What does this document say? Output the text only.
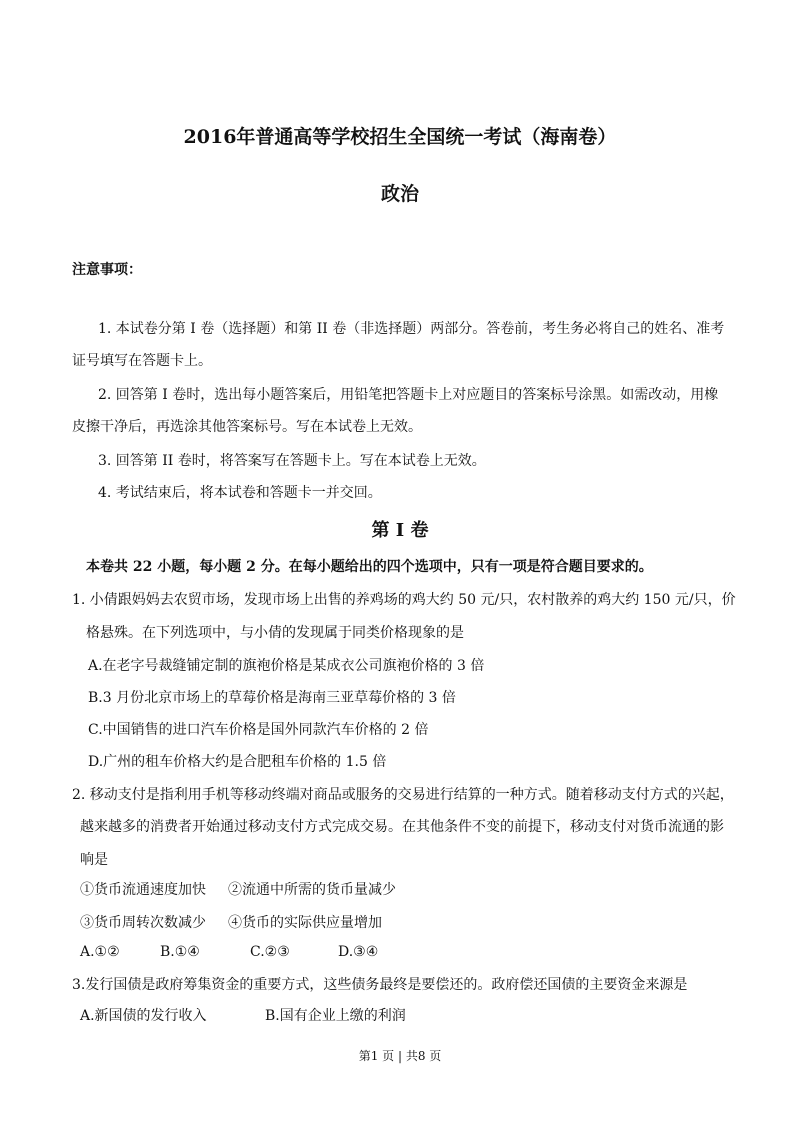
2016年普通高等学校招生全国统一考试（海南卷）
政治
注意事项：
1. 本试卷分第 I 卷（选择题）和第 II 卷（非选择题）两部分。答卷前，考生务必将自己的姓名、准考
证号填写在答题卡上。
2. 回答第 I 卷时，选出每小题答案后，用铅笔把答题卡上对应题目的答案标号涂黑。如需改动，用橡
皮擦干净后，再选涂其他答案标号。写在本试卷上无效。
3. 回答第 II 卷时，将答案写在答题卡上。写在本试卷上无效。
4. 考试结束后，将本试卷和答题卡一并交回。
第 I 卷
本卷共 22 小题，每小题 2 分。在每小题给出的四个选项中，只有一项是符合题目要求的。
1. 小倩跟妈妈去农贸市场，发现市场上出售的养鸡场的鸡大约 50 元/只，农村散养的鸡大约 150 元/只，价
格悬殊。在下列选项中，与小倩的发现属于同类价格现象的是
A.在老字号裁缝铺定制的旗袍价格是某成衣公司旗袍价格的 3 倍
B.3 月份北京市场上的草莓价格是海南三亚草莓价格的 3 倍
C.中国销售的进口汽车价格是国外同款汽车价格的 2 倍
D.广州的租车价格大约是合肥租车价格的 1.5 倍
2. 移动支付是指利用手机等移动终端对商品或服务的交易进行结算的一种方式。随着移动支付方式的兴起，
越来越多的消费者开始通过移动支付方式完成交易。在其他条件不变的前提下，移动支付对货币流通的影
响是
①货币流通速度加快 ②流通中所需的货币量减少
③货币周转次数减少 ④货币的实际供应量增加
A.①②	B.①④	C.②③	D.③④
3.发行国债是政府筹集资金的重要方式，这些债务最终是要偿还的。政府偿还国债的主要资金来源是
A.新国债的发行收入	B.国有企业上缴的利润
第1 页 | 共8 页
